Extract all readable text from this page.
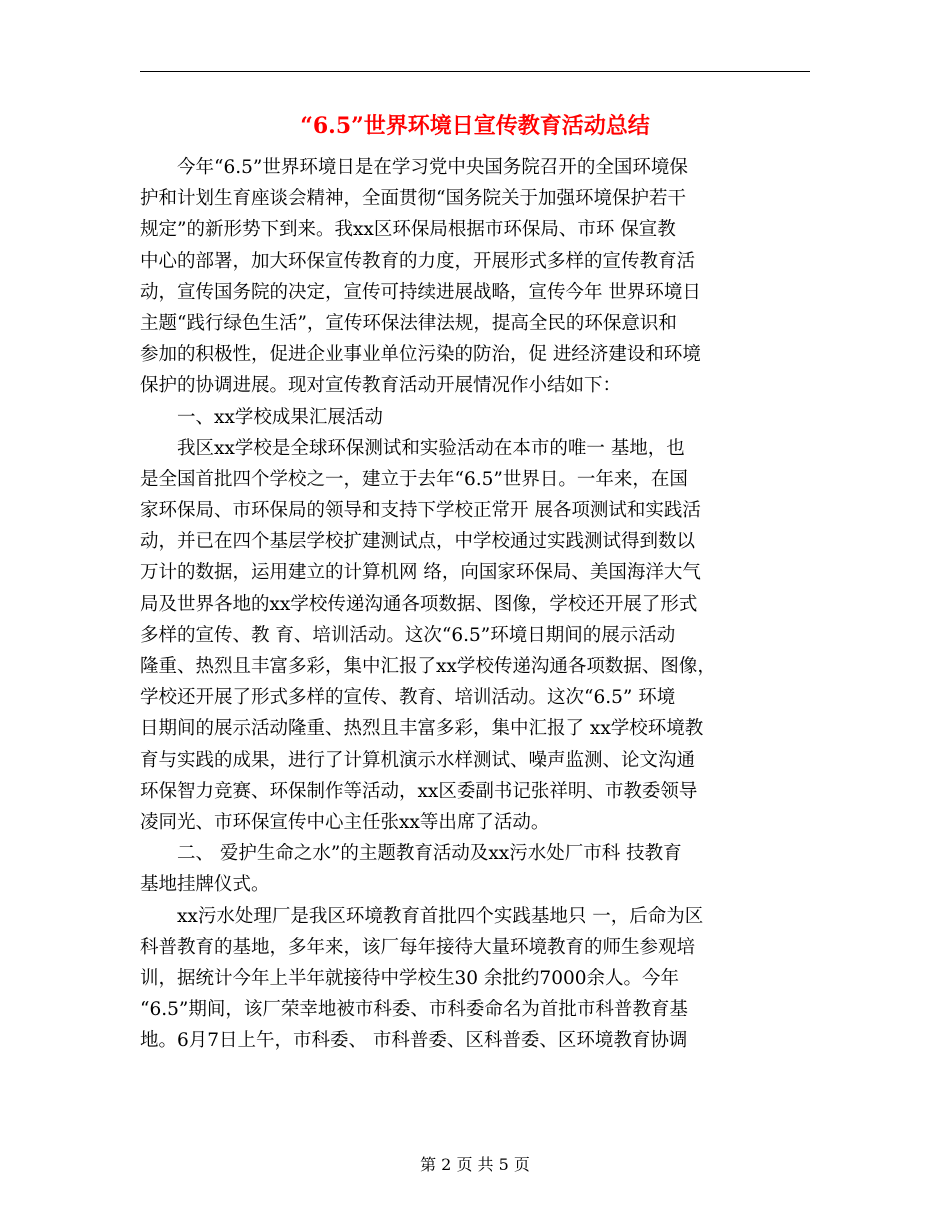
“6.5”世界环境日宣传教育活动总结
　　今年“6.5”世界环境日是在学习党中央国务院召开的全国环境保
护和计划生育座谈会精神，全面贯彻“国务院关于加强环境保护若干
规定”的新形势下到来。我xx区环保局根据市环保局、市环 保宣教
中心的部署，加大环保宣传教育的力度，开展形式多样的宣传教育活
动，宣传国务院的决定，宣传可持续进展战略，宣传今年 世界环境日
主题“践行绿色生活”，宣传环保法律法规，提高全民的环保意识和
参加的积极性，促进企业事业单位污染的防治，促 进经济建设和环境
保护的协调进展。现对宣传教育活动开展情况作小结如下：
　　一、xx学校成果汇展活动
　　我区xx学校是全球环保测试和实验活动在本市的唯一 基地，也
是全国首批四个学校之一，建立于去年“6.5”世界日。一年来，在国
家环保局、市环保局的领导和支持下学校正常开 展各项测试和实践活
动，并已在四个基层学校扩建测试点，中学校通过实践测试得到数以
万计的数据，运用建立的计算机网 络，向国家环保局、美国海洋大气
局及世界各地的xx学校传递沟通各项数据、图像，学校还开展了形式
多样的宣传、教 育、培训活动。这次“6.5”环境日期间的展示活动
隆重、热烈且丰富多彩，集中汇报了xx学校传递沟通各项数据、图像，
学校还开展了形式多样的宣传、教育、培训活动。这次“6.5” 环境
日期间的展示活动隆重、热烈且丰富多彩，集中汇报了 xx学校环境教
育与实践的成果，进行了计算机演示水样测试、噪声监测、论文沟通
环保智力竞赛、环保制作等活动，xx区委副书记张祥明、市教委领导
凌同光、市环保宣传中心主任张xx等出席了活动。
　　二、 爱护生命之水”的主题教育活动及xx污水处厂市科 技教育
基地挂牌仪式。
　　xx污水处理厂是我区环境教育首批四个实践基地只 一，后命为区
科普教育的基地，多年来，该厂每年接待大量环境教育的师生参观培
训，据统计今年上半年就接待中学校生30 余批约7000余人。今年
“6.5”期间，该厂荣幸地被市科委、市科委命名为首批市科普教育基
地。6月7日上午，市科委、 市科普委、区科普委、区环境教育协调
第 2 页 共 5 页
